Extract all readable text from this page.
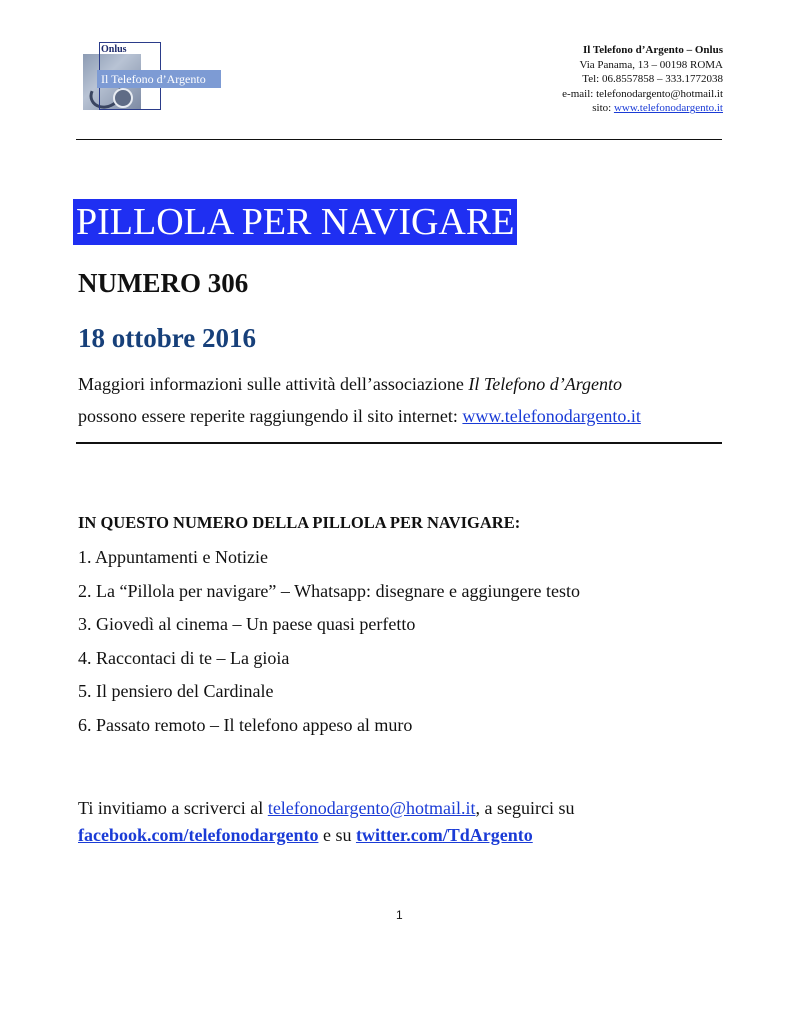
Onlus
Il Telefono d’Argento
Il Telefono d’Argento – Onlus
Via Panama, 13 – 00198 ROMA
Tel: 06.8557858 – 333.1772038
e-mail: telefonodargento@hotmail.it
sito: www.telefonodargento.it
PILLOLA PER NAVIGARE
NUMERO 306
18 ottobre 2016
Maggiori informazioni sulle attività dell’associazione Il Telefono d’Argento
possono essere reperite raggiungendo il sito internet: www.telefonodargento.it
IN QUESTO NUMERO DELLA PILLOLA PER NAVIGARE:
1. Appuntamenti e Notizie
2. La “Pillola per navigare” – Whatsapp: disegnare e aggiungere testo
3. Giovedì al cinema – Un paese quasi perfetto
4. Raccontaci di te – La gioia
5. Il pensiero del Cardinale
6. Passato remoto – Il telefono appeso al muro
Ti invitiamo a scriverci al telefonodargento@hotmail.it, a seguirci su
facebook.com/telefonodargento e su twitter.com/TdArgento
1
